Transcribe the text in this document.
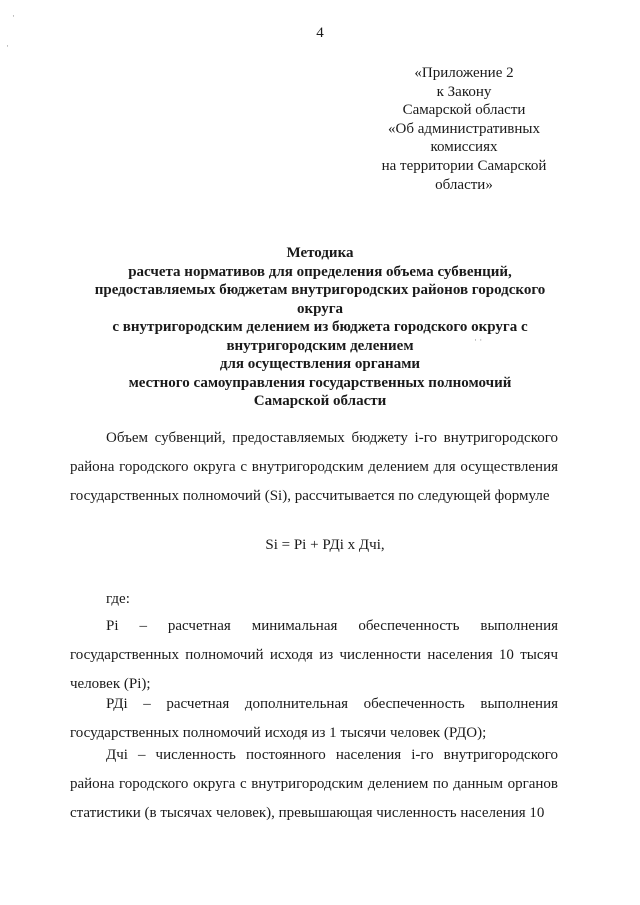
·
·
· ·
4
«Приложение 2
к Закону
Самарской области
«Об административных
комиссиях
на территории Самарской
области»
Методика
расчета нормативов для определения объема субвенций,
предоставляемых бюджетам внутригородских районов городского
округа
с внутригородским делением из бюджета городского округа с
внутригородским делением
для осуществления органами
местного самоуправления государственных полномочий
Самарской области

Объем субвенций, предоставляемых бюджету i-го внутригородского района городского округа с внутригородским делением для осуществления государственных полномочий (Si), рассчитывается по следующей формуле

Si = Pi + РДi х Дчi,
где:

Pi – расчетная минимальная обеспеченность выполнения государственных полномочий исходя из численности населения 10 тысяч человек (Pi);

РДi – расчетная дополнительная обеспеченность выполнения государственных полномочий исходя из 1 тысячи человек (РДО);

Дчi – численность постоянного населения i-го внутригородского района городского округа с внутригородским делением по данным органов статистики (в тысячах человек), превышающая численность населения 10
